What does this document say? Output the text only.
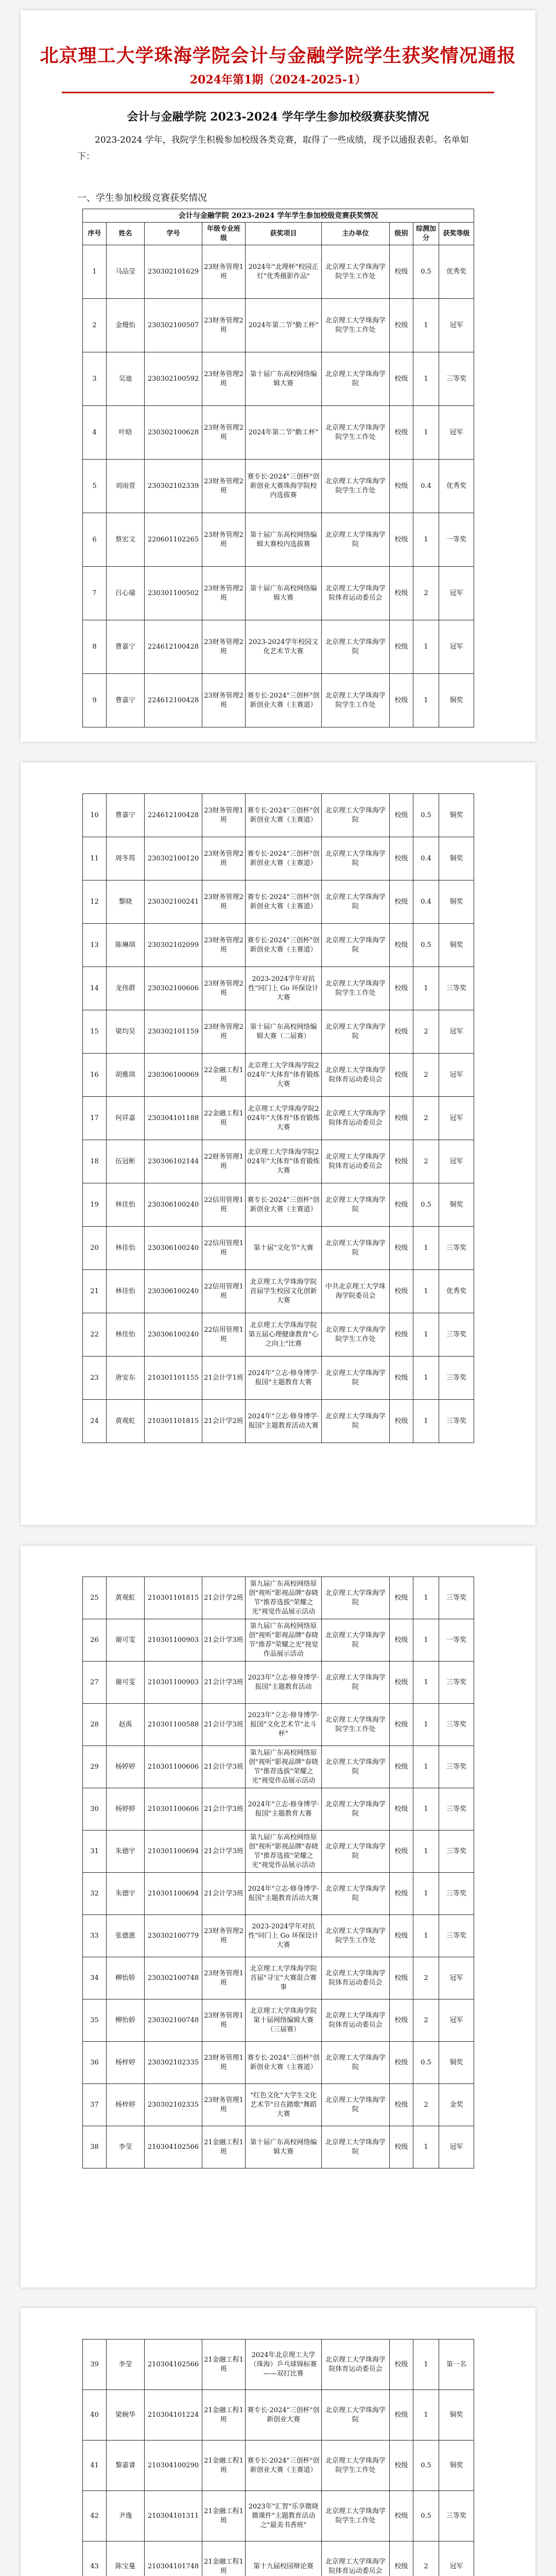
北京理工大学珠海学院会计与金融学院学生获奖情况通报
2024年第1期（2024-2025-1）
会计与金融学院 2023-2024 学年学生参加校级赛获奖情况

2023-2024 学年，我院学生积极参加校级各类竞赛，取得了一些成绩，现予以通报表彰。名单如下：

一、学生参加校级竞赛获奖情况
会计与金融学院 2023-2024 学年学生参加校级竞赛获奖情况								
序号	姓名	学号	年级专业班级	获奖项目	主办单位	级别	综测加分	获奖等级
1	马品莹	230302101629	23财务管理1班	2024年"北理杯"校园正灯"优秀摄影作品"	北京理工大学珠海学院学生工作处	校级	0.5	优秀奖
2	金熳怡	230302100507	23财务管理2班	2024年第二节"勤工杯"	北京理工大学珠海学院学生工作处	校级	1	冠军
3	吴迪	230302100592	23财务管理2班	第十届广东高校网络编辑大赛	北京理工大学珠海学院	校级	1	三等奖
4	叶晗	230302100628	23财务管理2班	2024年第二节"勤工杯"	北京理工大学珠海学院学生工作处	校级	1	冠军
5	刘雨萱	230302102339	23财务管理2班	赛专长·2024"三创杯"创新创业大赛珠海学院校内选拔赛	北京理工大学珠海学院学生工作处	校级	0.4	优秀奖
6	蔡宏文	220601102265	23财务管理2班	第十届广东高校网络编辑大赛校内选拔赛	北京理工大学珠海学院	校级	1	一等奖
7	吕心瑜	230301100502	23财务管理2班	第十届广东高校网络编辑大赛	北京理工大学珠海学院体育运动委员会	校级	2	冠军
8	曹嘉宁	224612100428	23财务管理2班	2023-2024学年校园文化艺术节大赛	北京理工大学珠海学院	校级	1	冠军
9	曹嘉宁	224612100428	23财务管理2班	赛专长·2024"三创杯"创新创业大赛（主赛道）	北京理工大学珠海学院学生工作处	校级	1	铜奖
10	曹嘉宁	224612100428	23财务管理1班	赛专长·2024"三创杯"创新创业大赛（主赛道）	北京理工大学珠海学院	校级	0.5	铜奖
11	周冬筠	230302100120	23财务管理2班	赛专长·2024"三创杯"创新创业大赛（主赛道）	北京理工大学珠海学院	校级	0.4	铜奖
12	黎晓	230302100241	23财务管理2班	赛专长·2024"三创杯"创新创业大赛（主赛道）	北京理工大学珠海学院	校级	0.4	铜奖
13	陈琳琪	230302102099	23财务管理2班	赛专长·2024"三创杯"创新创业大赛（主赛道）	北京理工大学珠海学院	校级	0.5	铜奖
14	龙伟群	230302100606	23财务管理2班	2023-2024学年对抗性"同门上 Go 环保设计大赛	北京理工大学珠海学院学生工作处	校级	1	三等奖
15	梁均昊	230302101159	23财务管理2班	第十届广东高校网络编辑大赛（二届赛）	北京理工大学珠海学院	校级	2	冠军
16	胡雅琪	230306100069	22金融工程1班	北京理工大学珠海学院2024年"大体育"体育锻炼大赛	北京理工大学珠海学院体育运动委员会	校级	2	冠军
17	何祥嘉	230304101188	22金融工程1班	北京理工大学珠海学院2024年"大体育"体育锻炼大赛	北京理工大学珠海学院体育运动委员会	校级	2	冠军
18	伍冠彬	230306102144	22财务管理1班	北京理工大学珠海学院2024年"大体育"体育锻炼大赛	北京理工大学珠海学院体育运动委员会	校级	2	冠军
19	林佳怡	230306100240	22信用管理1班	赛专长·2024"三创杯"创新创业大赛（主赛道）	北京理工大学珠海学院	校级	0.5	铜奖
20	林佳怡	230306100240	22信用管理1班	第十届"文化节"大赛	北京理工大学珠海学院	校级	1	三等奖
21	林佳怡	230306100240	22信用管理1班	北京理工大学珠海学院首届学生校园文化创新大赛	中共北京理工大学珠海学院委员会	校级	1	优秀奖
22	林佳怡	230306100240	22信用管理1班	北京理工大学珠海学院第五届心理健康教育"心之向上"比赛	北京理工大学珠海学院学生工作处	校级	1	三等奖
23	唐安东	210301101155	21会计学1班	2024年"立志·修身博学·报国"主题教育大赛	北京理工大学珠海学院	校级	1	三等奖
24	黄观虹	210301101815	21会计学2班	2024年"立志·修身博学·报国"主题教育活动大赛	北京理工大学珠海学院	校级	1	三等奖
25	黄观虹	210301101815	21会计学2班	第九届广东高校网络原创"视听"影视品牌"春晓节"推荐选拔"荣耀之光"视觉作品展示活动	北京理工大学珠海学院	校级	1	三等奖
26	谢可雯	210301100903	21会计学3班	第九届广东高校网络原创"视听"影视品牌"春晓节"推荐"荣耀之光"视觉作品展示活动	北京理工大学珠海学院	校级	1	一等奖
27	谢可雯	210301100903	21会计学3班	2023年"立志·修身博学·报国"主题教育活动	北京理工大学珠海学院	校级	1	三等奖
28	赵禹	210301100588	21会计学3班	2023年"立志·修身博学·报国"文化艺术节"北斗杯"	北京理工大学珠海学院学生工作处	校级	1	三等奖
29	杨婷婷	210301100606	21会计学3班	第九届广东高校网络原创"视听"影视品牌"春晓节"推荐选拔"荣耀之光"视觉作品展示活动	北京理工大学珠海学院	校级	1	三等奖
30	杨婷婷	210301100606	21会计学3班	2024年"立志·修身博学·报国"主题教育大赛	北京理工大学珠海学院	校级	1	三等奖
31	朱德宇	210301100694	21会计学3班	第九届广东高校网络原创"视听"影视品牌"春晓节"推荐选拔"荣耀之光"视觉作品展示活动	北京理工大学珠海学院	校级	1	三等奖
32	朱德宇	210301100694	21会计学3班	2024年"立志·修身博学·报国"主题教育活动大赛	北京理工大学珠海学院	校级	1	三等奖
33	张德惠	230302100779	23财务管理2班	2023-2024学年对抗性"同门上 Go 环保设计大赛	北京理工大学珠海学院学生工作处	校级	1	三等奖
34	柳怡娇	230302100748	23财务管理1班	北京理工大学珠海学院首届"寻宝"大赛混合赛事	北京理工大学珠海学院体育运动委员会	校级	2	冠军
35	柳怡娇	230302100748	23财务管理1班	北京理工大学珠海学院第十届网络编辑大赛（三届赛）	北京理工大学珠海学院体育运动委员会	校级	2	冠军
36	杨梓婷	230302102335	23财务管理1班	赛专长·2024"三创杯"创新创业大赛（主赛道）	北京理工大学珠海学院	校级	0.5	铜奖
37	杨梓婷	230302102335	23财务管理1班	"红色文化"大学生文化艺术节"目在踏歌"舞蹈大赛	北京理工大学珠海学院	校级	2	金奖
38	李莹	210304102566	21金融工程1班	第十届广东高校网络编辑大赛	北京理工大学珠海学院	校级	1	冠军
39	李莹	210304102566	21金融工程1班	2024年北京理工大学（珠海）乒乓球锦标赛——双打比赛	北京理工大学珠海学院体育运动委员会	校级	1	第一名
40	梁婉华	210304101224	21金融工程1班	赛专长·2024"三创杯"创新创业大赛	北京理工大学珠海学院	校级	1	铜奖
41	黎嘉睿	210304100290	21金融工程1班	赛专长·2024"三创杯"创新创业大赛（主赛道）	北京理工大学珠海学院学生工作处	校级	0.5	铜奖
42	尹逸	210304101311	21金融工程1班	2023年"汇智"乐享微晓微课件"主题教育活动之"最美书香班"	北京理工大学珠海学院学生工作处	校级	0.5	三等奖
43	陈宝蔓	210304101748	21金融工程1班	第十九届校园辩论赛	北京理工大学珠海学院体育运动委员会	校级	2	冠军
